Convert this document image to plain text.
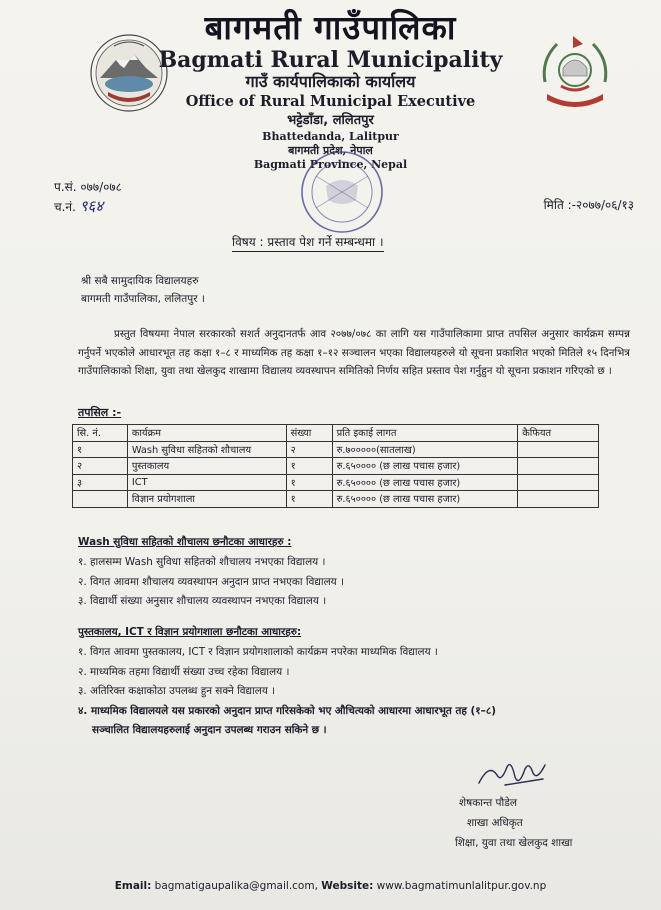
बागमती गाउँपालिका
Bagmati Rural Municipality
गाउँ कार्यपालिकाको कार्यालय
Office of Rural Municipal Executive
भट्टेडाँडा, ललितपुर
Bhattedanda, Lalitpur
बागमती प्रदेश, नेपाल
Bagmati Province, Nepal
प.सं. ०७७/०७८
च.नं. ९६४	मिति :-२०७७/०६/१३
विषय : प्रस्ताव पेश गर्ने सम्बन्धमा ।
श्री सबै सामुदायिक विद्यालयहरु
बागमती गाउँपालिका, ललितपुर ।
प्रस्तुत विषयमा नेपाल सरकारको सशर्त अनुदानतर्फ आव २०७७/०७८ का लागि यस गाउँपालिकामा प्राप्त तपसिल अनुसार कार्यक्रम सम्पन्न गर्नुपर्ने भएकोले आधारभूत तह कक्षा १–८ र माध्यमिक तह कक्षा १–१२ सञ्चालन भएका विद्यालयहरुले यो सूचना प्रकाशित भएको मितिले १५ दिनभित्र गाउँपालिकाको शिक्षा, युवा तथा खेलकुद शाखामा विद्यालय व्यवस्थापन समितिको निर्णय सहित प्रस्ताव पेश गर्नुहुन यो सूचना प्रकाशन गरिएको छ ।
तपसिल :-
सि. नं.	कार्यक्रम	संख्या	प्रति इकाई लागत	कैफियत
१	Wash सुविधा सहितको शौचालय	२	रु.७०००००(सातलाख)	
२	पुस्तकालय	१	रु.६५०००० (छ लाख पचास हजार)	
३	ICT	१	रु.६५०००० (छ लाख पचास हजार)	
	विज्ञान प्रयोगशाला	१	रु.६५०००० (छ लाख पचास हजार)	
Wash सुविधा सहितको शौचालय छनौटका आधारहरु :
१. हालसम्म Wash सुविधा सहितको शौचालय नभएका विद्यालय ।
२. विगत आवमा शौचालय व्यवस्थापन अनुदान प्राप्त नभएका विद्यालय ।
३. विद्यार्थी संख्या अनुसार शौचालय व्यवस्थापन नभएका विद्यालय ।
पुस्तकालय, ICT र विज्ञान प्रयोगशाला छनौटका आधारहरु:
१. विगत आवमा पुस्तकालय, ICT र विज्ञान प्रयोगशालाको कार्यक्रम नपरेका माध्यमिक विद्यालय ।
२. माध्यमिक तहमा विद्यार्थी संख्या उच्च रहेका विद्यालय ।
३. अतिरिक्त कक्षाकोठा उपलब्ध हुन सक्ने विद्यालय ।
४. माध्यमिक विद्यालयले यस प्रकारको अनुदान प्राप्त गरिसकेको भए औचित्यको आधारमा आधारभूत तह (१–८)
सञ्चालित विद्यालयहरुलाई अनुदान उपलब्ध गराउन सकिने छ ।
शेषकान्त पौडेल
शाखा अधिकृत
शिक्षा, युवा तथा खेलकुद शाखा
Email: bagmatigaupalika@gmail.com, Website: www.bagmatimunlalitpur.gov.np
